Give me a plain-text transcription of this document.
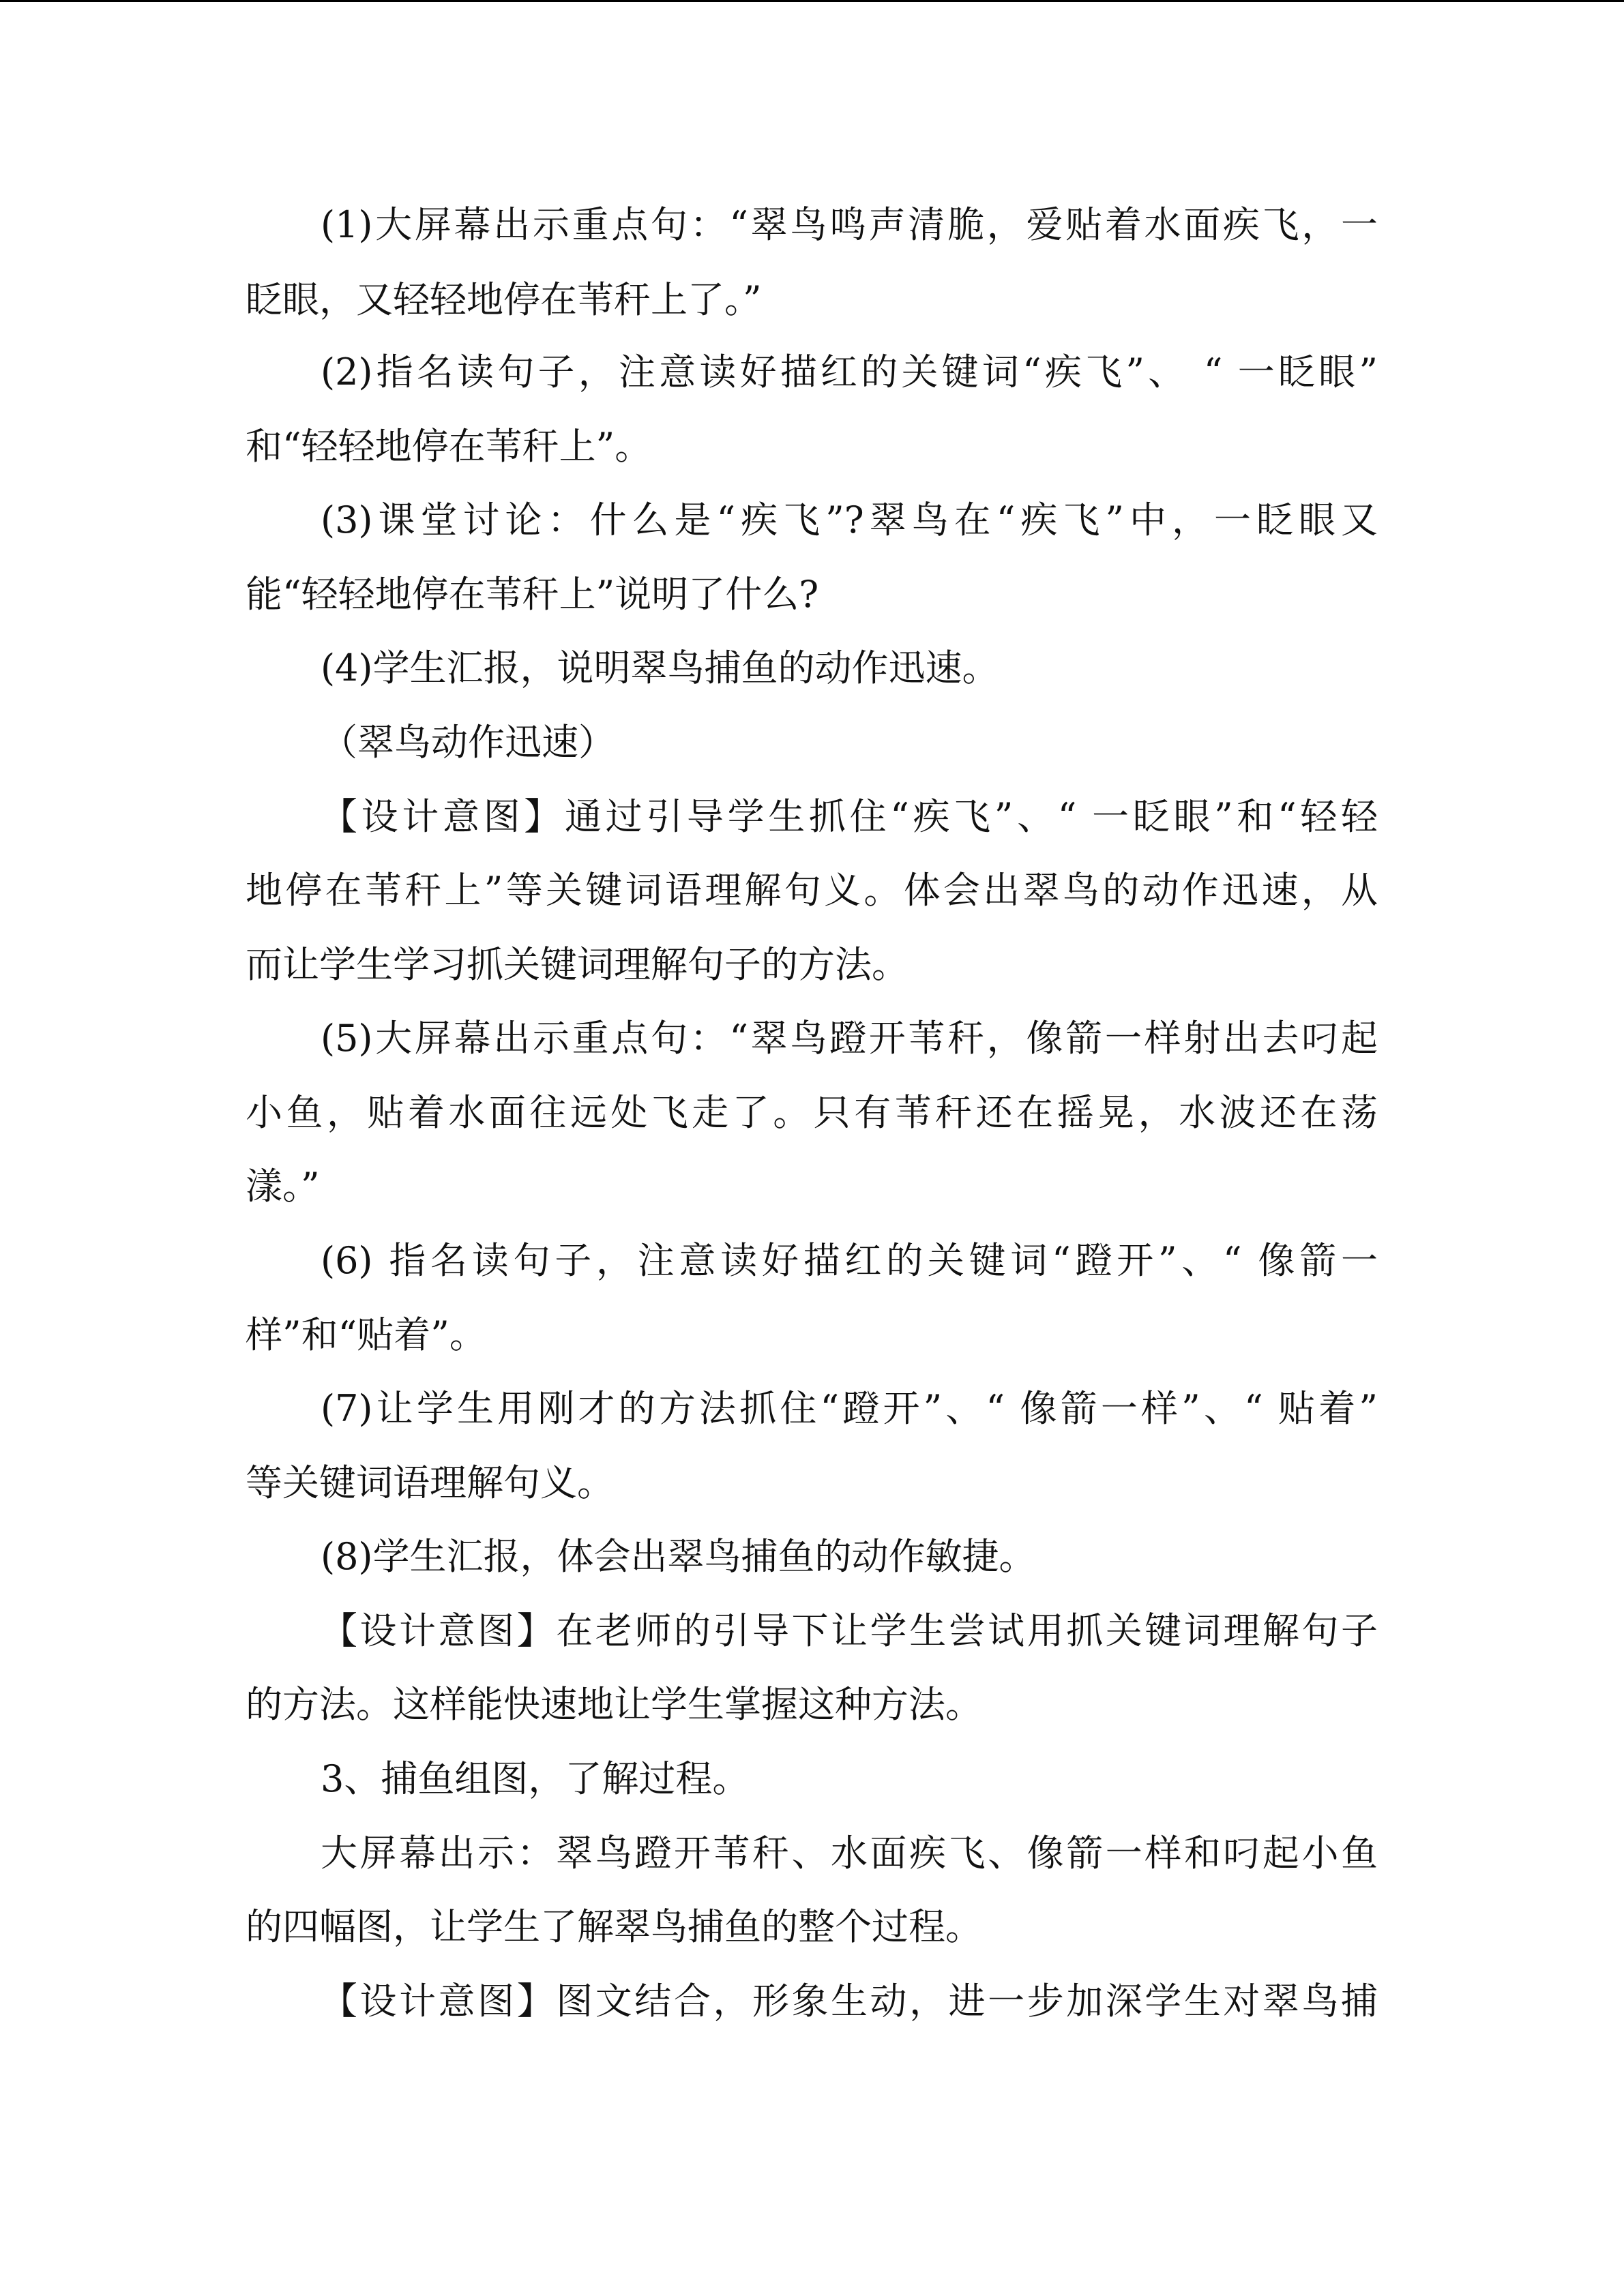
(1)大屏幕出示重点句：“翠鸟鸣声清脆，爱贴着水面疾飞，一

眨眼，又轻轻地停在苇秆上了。”

(2)指名读句子，注意读好描红的关键词“疾飞”、 “ 一眨眼”

和“轻轻地停在苇秆上”。

(3)课堂讨论：什么是“疾飞”?翠鸟在“疾飞”中，一眨眼又

能“轻轻地停在苇秆上”说明了什么?

(4)学生汇报，说明翠鸟捕鱼的动作迅速。

（翠鸟动作迅速）

【设计意图】通过引导学生抓住“疾飞”、“ 一眨眼”和“轻轻

地停在苇秆上”等关键词语理解句义。体会出翠鸟的动作迅速，从

而让学生学习抓关键词理解句子的方法。

(5)大屏幕出示重点句：“翠鸟蹬开苇秆，像箭一样射出去叼起

小鱼，贴着水面往远处飞走了。只有苇秆还在摇晃，水波还在荡

漾。”

(6) 指名读句子，注意读好描红的关键词“蹬开”、“ 像箭一

样”和“贴着”。

(7)让学生用刚才的方法抓住“蹬开”、“ 像箭一样”、“ 贴着”

等关键词语理解句义。

(8)学生汇报，体会出翠鸟捕鱼的动作敏捷。

【设计意图】在老师的引导下让学生尝试用抓关键词理解句子

的方法。这样能快速地让学生掌握这种方法。

3、捕鱼组图，了解过程。

大屏幕出示：翠鸟蹬开苇秆、水面疾飞、像箭一样和叼起小鱼

的四幅图，让学生了解翠鸟捕鱼的整个过程。

【设计意图】图文结合，形象生动，进一步加深学生对翠鸟捕
